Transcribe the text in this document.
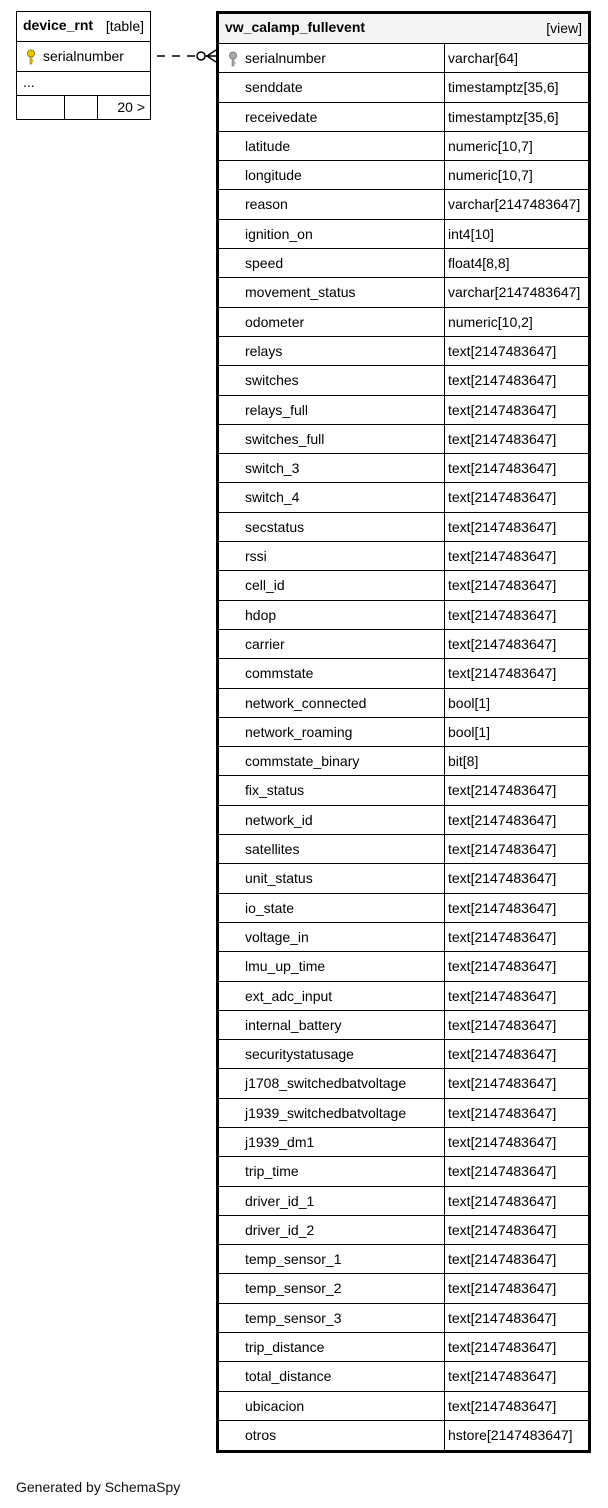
device_rnt [table]
serialnumber
...
20 >
vw_calamp_fullevent	[view]
serialnumber	varchar[64]
senddate	timestamptz[35,6]
receivedate	timestamptz[35,6]
latitude	numeric[10,7]
longitude	numeric[10,7]
reason	varchar[2147483647]
ignition_on	int4[10]
speed	float4[8,8]
movement_status	varchar[2147483647]
odometer	numeric[10,2]
relays	text[2147483647]
switches	text[2147483647]
relays_full	text[2147483647]
switches_full	text[2147483647]
switch_3	text[2147483647]
switch_4	text[2147483647]
secstatus	text[2147483647]
rssi	text[2147483647]
cell_id	text[2147483647]
hdop	text[2147483647]
carrier	text[2147483647]
commstate	text[2147483647]
network_connected	bool[1]
network_roaming	bool[1]
commstate_binary	bit[8]
fix_status	text[2147483647]
network_id	text[2147483647]
satellites	text[2147483647]
unit_status	text[2147483647]
io_state	text[2147483647]
voltage_in	text[2147483647]
lmu_up_time	text[2147483647]
ext_adc_input	text[2147483647]
internal_battery	text[2147483647]
securitystatusage	text[2147483647]
j1708_switchedbatvoltage	text[2147483647]
j1939_switchedbatvoltage	text[2147483647]
j1939_dm1	text[2147483647]
trip_time	text[2147483647]
driver_id_1	text[2147483647]
driver_id_2	text[2147483647]
temp_sensor_1	text[2147483647]
temp_sensor_2	text[2147483647]
temp_sensor_3	text[2147483647]
trip_distance	text[2147483647]
total_distance	text[2147483647]
ubicacion	text[2147483647]
otros	hstore[2147483647]
Generated by SchemaSpy
